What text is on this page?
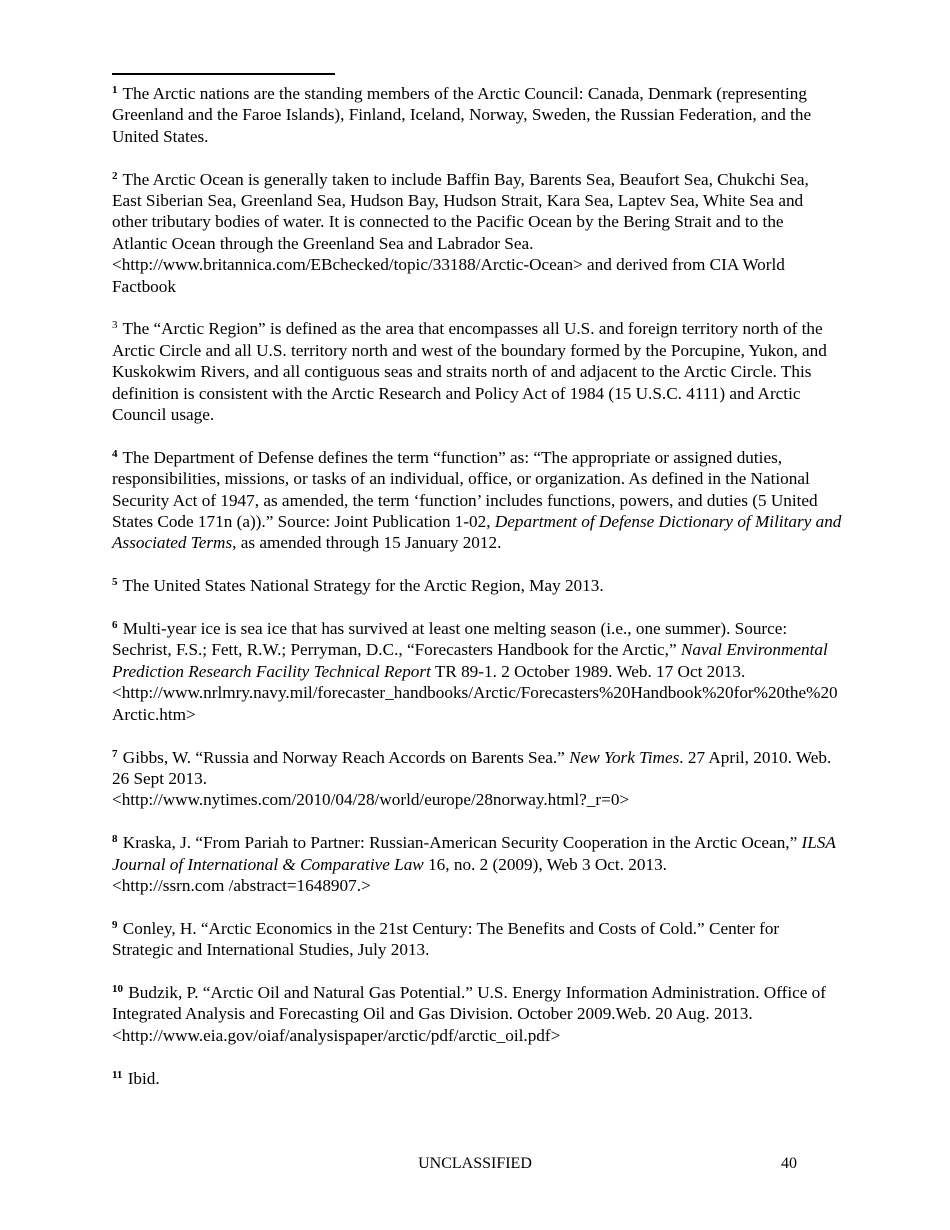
$^1$ The Arctic nations are the standing members of the Arctic Council: Canada, Denmark (representing Greenland and the Faroe Islands), Finland, Iceland, Norway, Sweden, the Russian Federation, and the United States.

$^2$ The Arctic Ocean is generally taken to include Baffin Bay, Barents Sea, Beaufort Sea, Chukchi Sea, East Siberian Sea, Greenland Sea, Hudson Bay, Hudson Strait, Kara Sea, Laptev Sea, White Sea and other tributary bodies of water. It is connected to the Pacific Ocean by the Bering Strait and to the Atlantic Ocean through the Greenland Sea and Labrador Sea.
<http://www.britannica.com/EBchecked/topic/33188/Arctic-Ocean> and derived from CIA World Factbook

$^3$ The “Arctic Region” is defined as the area that encompasses all U.S. and foreign territory north of the Arctic Circle and all U.S. territory north and west of the boundary formed by the Porcupine, Yukon, and Kuskokwim Rivers, and all contiguous seas and straits north of and adjacent to the Arctic Circle. This definition is consistent with the Arctic Research and Policy Act of 1984 (15 U.S.C. 4111) and Arctic Council usage.

$^4$ The Department of Defense defines the term “function” as: “The appropriate or assigned duties, responsibilities, missions, or tasks of an individual, office, or organization. As defined in the National Security Act of 1947, as amended, the term ‘function’ includes functions, powers, and duties (5 United States Code 171n (a)).” Source: Joint Publication 1-02, Department of Defense Dictionary of Military and Associated Terms, as amended through 15 January 2012.

$^5$ The United States National Strategy for the Arctic Region, May 2013.

$^6$ Multi-year ice is sea ice that has survived at least one melting season (i.e., one summer). Source: Sechrist, F.S.; Fett, R.W.; Perryman, D.C., “Forecasters Handbook for the Arctic,” Naval Environmental Prediction Research Facility Technical Report TR 89-1. 2 October 1989. Web. 17 Oct 2013.
<http://www.nrlmry.navy.mil/forecaster_handbooks/Arctic/Forecasters%20Handbook%20for%20the%20Arctic.htm>

$^7$ Gibbs, W. “Russia and Norway Reach Accords on Barents Sea.” New York Times. 27 April, 2010. Web. 26 Sept 2013.
<http://www.nytimes.com/2010/04/28/world/europe/28norway.html?_r=0>

$^8$ Kraska, J. “From Pariah to Partner: Russian-American Security Cooperation in the Arctic Ocean,” ILSA Journal of International & Comparative Law 16, no. 2 (2009), Web 3 Oct. 2013.
<http://ssrn.com /abstract=1648907.>

$^9$ Conley, H. “Arctic Economics in the 21st Century: The Benefits and Costs of Cold.” Center for Strategic and International Studies, July 2013.

$^{10}$ Budzik, P. “Arctic Oil and Natural Gas Potential.” U.S. Energy Information Administration. Office of Integrated Analysis and Forecasting Oil and Gas Division. October 2009.Web. 20 Aug. 2013. <http://www.eia.gov/oiaf/analysispaper/arctic/pdf/arctic_oil.pdf>

$^{11}$ Ibid.

UNCLASSIFIED	40
